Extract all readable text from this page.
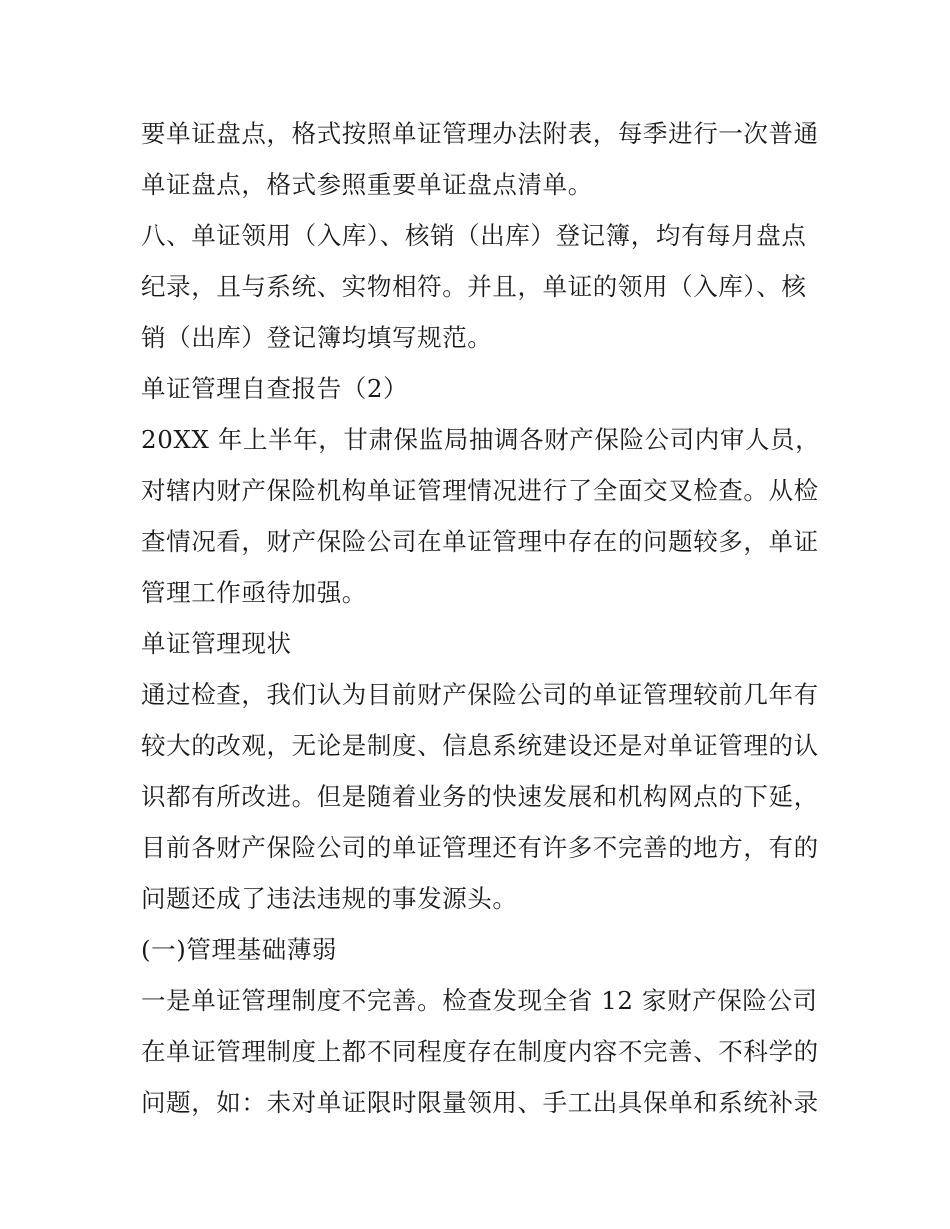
要单证盘点，格式按照单证管理办法附表，每季进行一次普通
单证盘点，格式参照重要单证盘点清单。
八、单证领用（入库）、核销（出库）登记簿，均有每月盘点
纪录，且与系统、实物相符。并且，单证的领用（入库）、核
销（出库）登记簿均填写规范。
单证管理自查报告（2）
20XX 年上半年，甘肃保监局抽调各财产保险公司内审人员，
对辖内财产保险机构单证管理情况进行了全面交叉检查。从检
查情况看，财产保险公司在单证管理中存在的问题较多，单证
管理工作亟待加强。
单证管理现状
通过检查，我们认为目前财产保险公司的单证管理较前几年有
较大的改观，无论是制度、信息系统建设还是对单证管理的认
识都有所改进。但是随着业务的快速发展和机构网点的下延，
目前各财产保险公司的单证管理还有许多不完善的地方，有的
问题还成了违法违规的事发源头。
(一)管理基础薄弱
一是单证管理制度不完善。检查发现全省 12 家财产保险公司
在单证管理制度上都不同程度存在制度内容不完善、不科学的
问题，如：未对单证限时限量领用、手工出具保单和系统补录
